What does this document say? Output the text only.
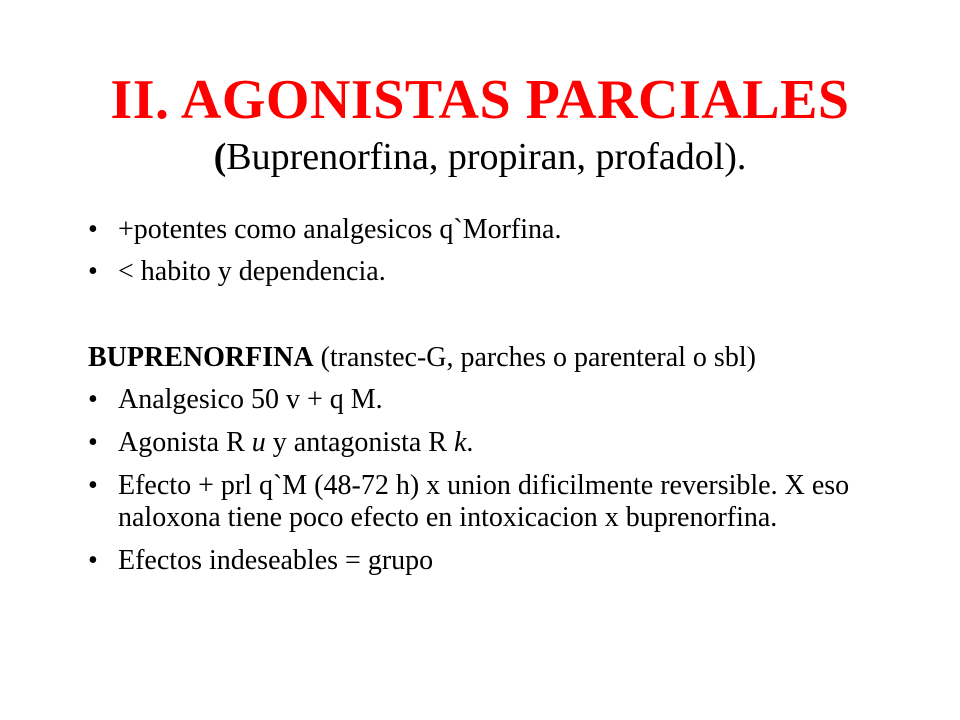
II. AGONISTAS PARCIALES
(Buprenorfina, propiran, profadol).
• +potentes como analgesicos q`Morfina.
• < habito y dependencia.
BUPRENORFINA (transtec-G, parches o parenteral o sbl)
• Analgesico 50 v + q M.
• Agonista R u y antagonista R k.
• Efecto + prl q`M (48-72 h) x union dificilmente reversible. X eso naloxona tiene poco efecto en intoxicacion x buprenorfina.
• Efectos indeseables = grupo
